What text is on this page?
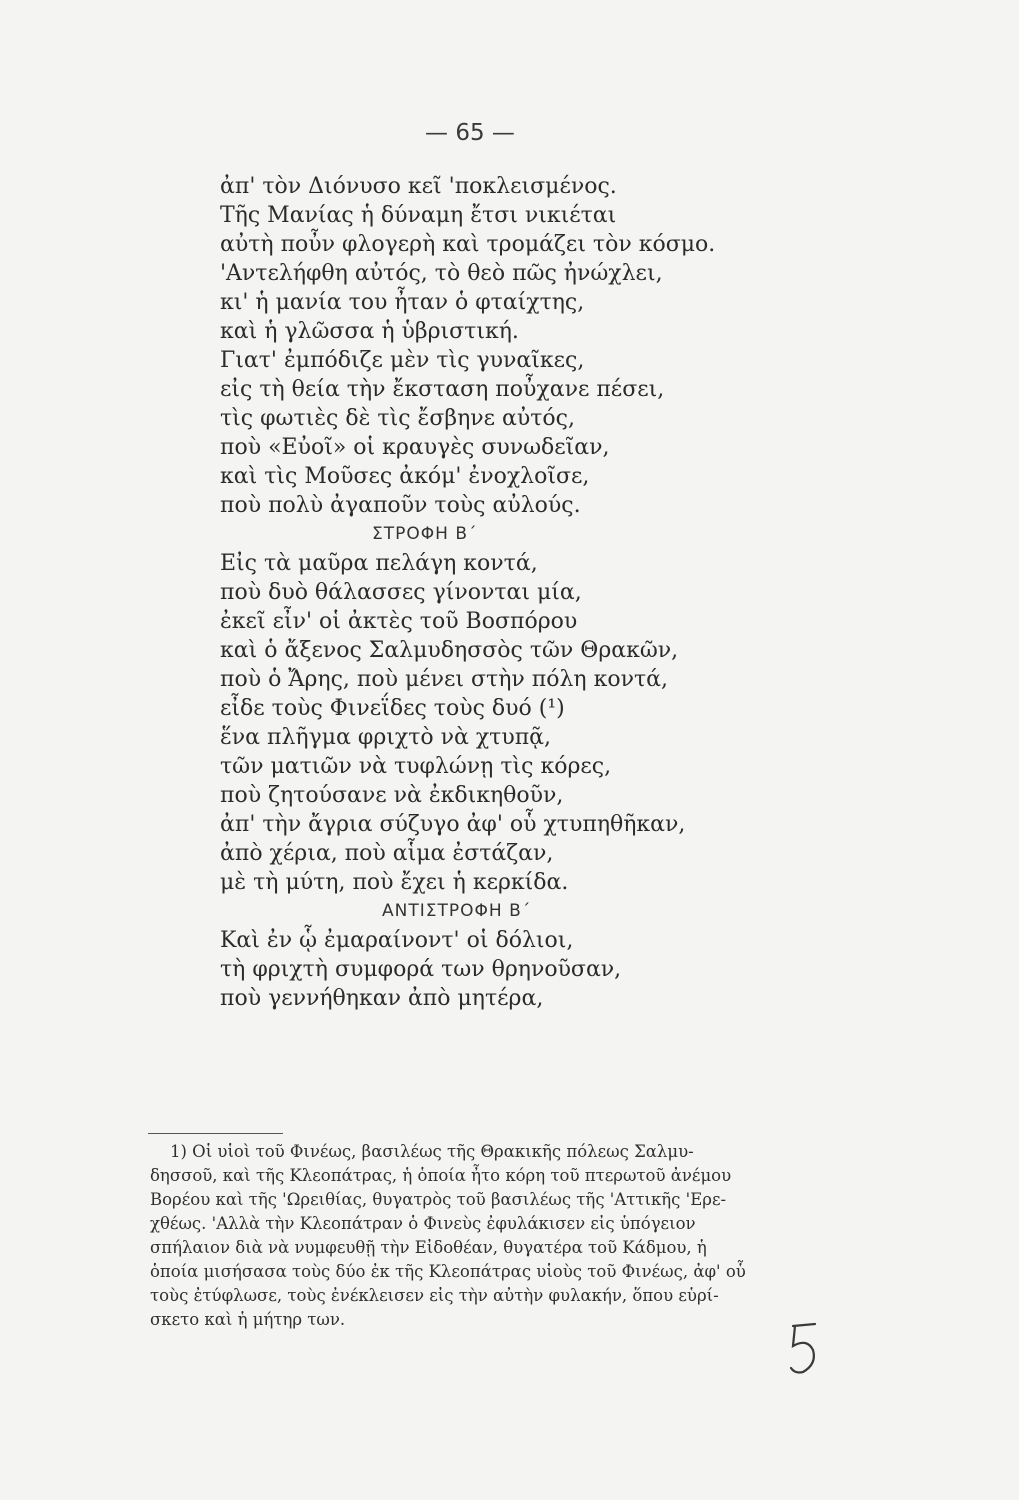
— 65 —
ἀπ' τὸν Διόνυσο κεῖ 'ποκλεισμένος.
Τῆς Μανίας ἡ δύναμη ἔτσι νικιέται
αὐτὴ ποὖν φλογερὴ καὶ τρομάζει τὸν κόσμο.
'Αντελήφθη αὐτός, τὸ θεὸ πῶς ἠνώχλει,
κι' ἡ μανία του ἦταν ὁ φταίχτης,
καὶ ἡ γλῶσσα ἡ ὑβριστική.
Γιατ' ἐμπόδιζε μὲν τὶς γυναῖκες,
εἰς τὴ θεία τὴν ἔκσταση ποὖχανε πέσει,
τὶς φωτιὲς δὲ τὶς ἔσβηνε αὐτός,
ποὺ «Εὐοῖ» οἱ κραυγὲς συνωδεῖαν,
καὶ τὶς Μοῦσες ἀκόμ' ἐνοχλοῖσε,
ποὺ πολὺ ἀγαποῦν τοὺς αὐλούς.
ΣΤΡΟΦΗ Β΄
Εἰς τὰ μαῦρα πελάγη κοντά,
ποὺ δυὸ θάλασσες γίνονται μία,
ἐκεῖ εἶν' οἱ ἀκτὲς τοῦ Βοσπόρου
καὶ ὁ ἄξενος Σαλμυδησσὸς τῶν Θρακῶν,
ποὺ ὁ Ἄρης, ποὺ μένει στὴν πόλη κοντά,
εἶδε τοὺς Φινεΐδες τοὺς δυό (¹)
ἕνα πλῆγμα φριχτὸ νὰ χτυπᾷ,
τῶν ματιῶν νὰ τυφλώνῃ τὶς κόρες,
ποὺ ζητούσανε νὰ ἐκδικηθοῦν,
ἀπ' τὴν ἄγρια σύζυγο ἀφ' οὗ χτυπηθῆκαν,
ἀπὸ χέρια, ποὺ αἷμα ἐστάζαν,
μὲ τὴ μύτη, ποὺ ἔχει ἡ κερκίδα.
ΑΝΤΙΣΤΡΟΦΗ Β΄
Καὶ ἐν ᾧ ἐμαραίνοντ' οἱ δόλιοι,
τὴ φριχτὴ συμφορά των θρηνοῦσαν,
ποὺ γεννήθηκαν ἀπὸ μητέρα,
1) Οἱ υἱοὶ τοῦ Φινέως, βασιλέως τῆς Θρακικῆς πόλεως Σαλμυ-
δησσοῦ, καὶ τῆς Κλεοπάτρας, ἡ ὁποία ἦτο κόρη τοῦ πτερωτοῦ ἀνέμου
Βορέου καὶ τῆς 'Ωρειθίας, θυγατρὸς τοῦ βασιλέως τῆς 'Αττικῆς 'Ερε-
χθέως. 'Αλλὰ τὴν Κλεοπάτραν ὁ Φινεὺς ἐφυλάκισεν εἰς ὑπόγειον
σπήλαιον διὰ νὰ νυμφευθῇ τὴν Εἰδοθέαν, θυγατέρα τοῦ Κάδμου, ἡ
ὁποία μισήσασα τοὺς δύο ἐκ τῆς Κλεοπάτρας υἱοὺς τοῦ Φινέως, ἀφ' οὗ
τοὺς ἐτύφλωσε, τοὺς ἐνέκλεισεν εἰς τὴν αὐτὴν φυλακήν, ὅπου εὑρί-
σκετο καὶ ἡ μήτηρ των.
